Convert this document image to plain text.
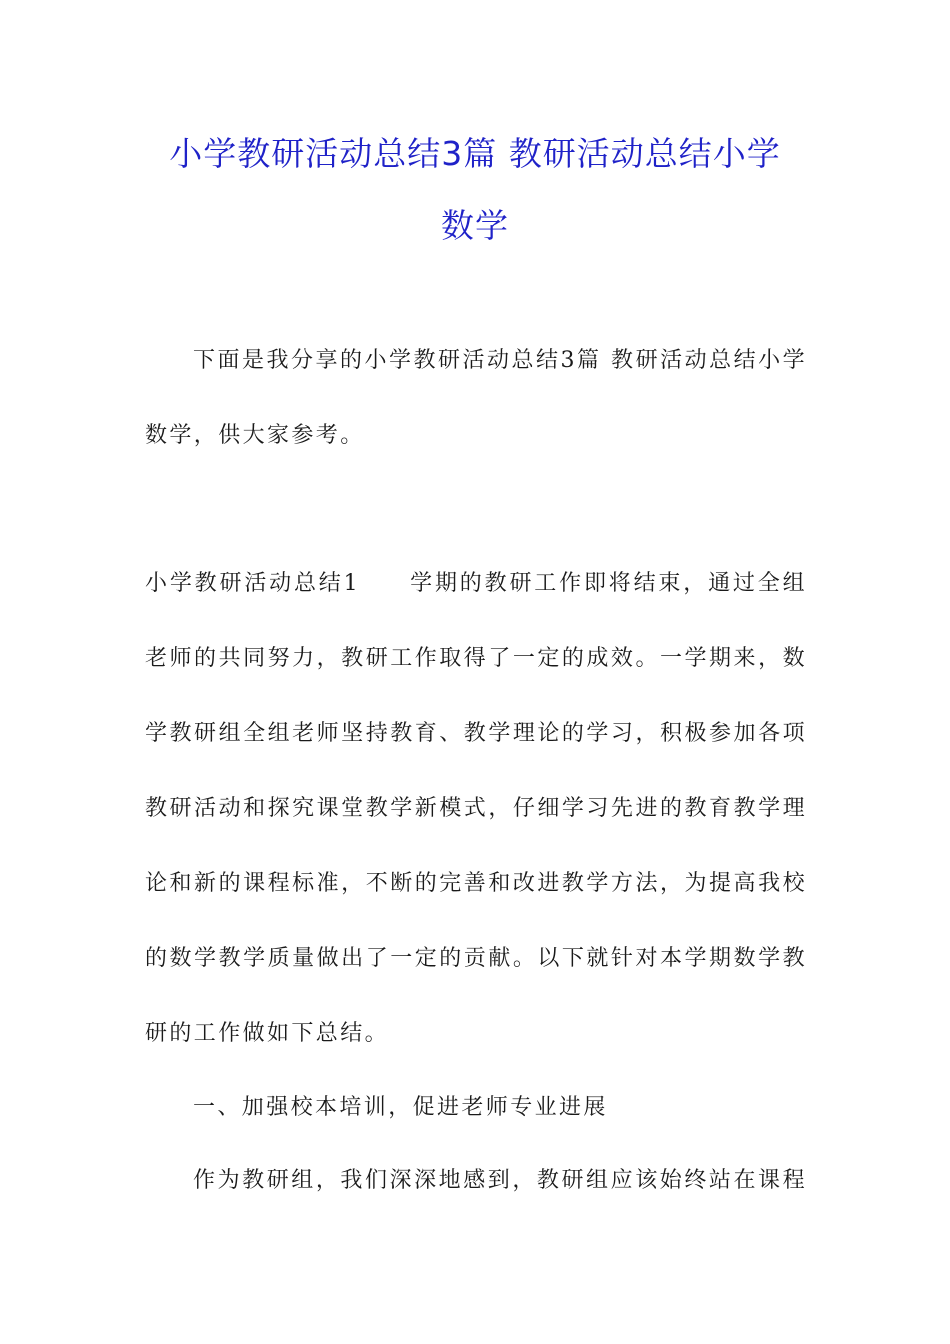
小学教研活动总结3篇 教研活动总结小学
数学

下面是我分享的小学教研活动总结3篇 教研活动总结小学

数学，供大家参考。

小学教研活动总结1　　学期的教研工作即将结束，通过全组

老师的共同努力，教研工作取得了一定的成效。一学期来，数

学教研组全组老师坚持教育、教学理论的学习，积极参加各项

教研活动和探究课堂教学新模式，仔细学习先进的教育教学理

论和新的课程标准，不断的完善和改进教学方法，为提高我校

的数学教学质量做出了一定的贡献。以下就针对本学期数学教

研的工作做如下总结。

一、加强校本培训，促进老师专业进展

作为教研组，我们深深地感到，教研组应该始终站在课程
